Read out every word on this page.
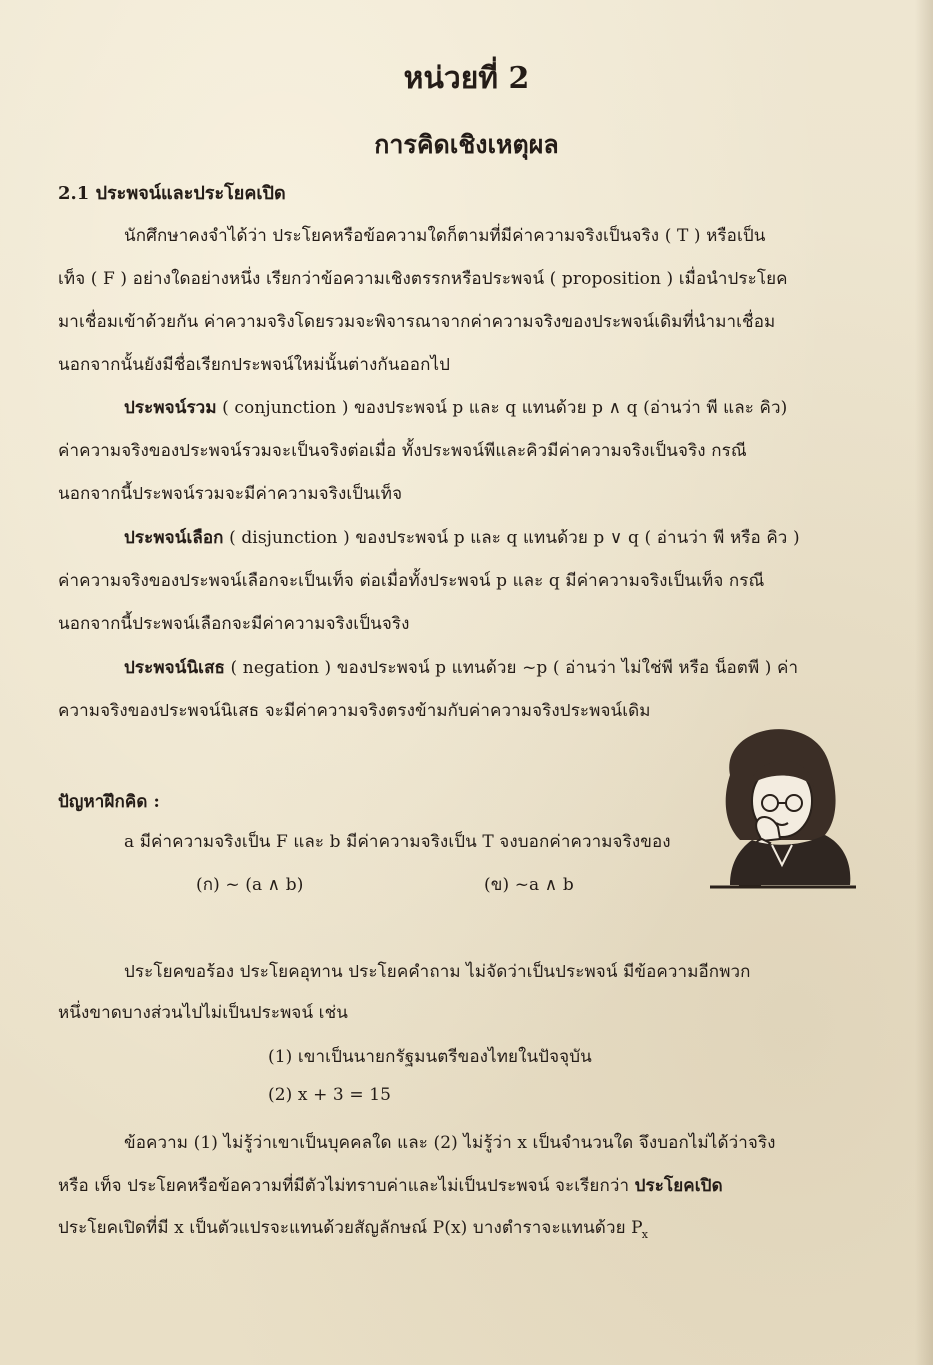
หน่วยที่ 2
การคิดเชิงเหตุผล
2.1 ประพจน์และประโยคเปิด
นักศึกษาคงจำได้ว่า ประโยคหรือข้อความใดก็ตามที่มีค่าความจริงเป็นจริง ( T ) หรือเป็น
เท็จ ( F ) อย่างใดอย่างหนึ่ง เรียกว่าข้อความเชิงตรรกหรือประพจน์ ( proposition ) เมื่อนำประโยค
มาเชื่อมเข้าด้วยกัน ค่าความจริงโดยรวมจะพิจารณาจากค่าความจริงของประพจน์เดิมที่นำมาเชื่อม
นอกจากนั้นยังมีชื่อเรียกประพจน์ใหม่นั้นต่างกันออกไป
ประพจน์รวม ( conjunction ) ของประพจน์ p และ q แทนด้วย p ∧ q (อ่านว่า พี และ คิว)
ค่าความจริงของประพจน์รวมจะเป็นจริงต่อเมื่อ ทั้งประพจน์พีและคิวมีค่าความจริงเป็นจริง กรณี
นอกจากนี้ประพจน์รวมจะมีค่าความจริงเป็นเท็จ
ประพจน์เลือก ( disjunction ) ของประพจน์ p และ q แทนด้วย p ∨ q ( อ่านว่า พี หรือ คิว )
ค่าความจริงของประพจน์เลือกจะเป็นเท็จ ต่อเมื่อทั้งประพจน์ p และ q มีค่าความจริงเป็นเท็จ กรณี
นอกจากนี้ประพจน์เลือกจะมีค่าความจริงเป็นจริง
ประพจน์นิเสธ ( negation ) ของประพจน์ p แทนด้วย ~p ( อ่านว่า ไม่ใช่พี หรือ น็อตพี ) ค่า
ความจริงของประพจน์นิเสธ จะมีค่าความจริงตรงข้ามกับค่าความจริงประพจน์เดิม
ปัญหาฝึกคิด :
a มีค่าความจริงเป็น F และ b มีค่าความจริงเป็น T จงบอกค่าความจริงของ
(ก) ~ (a ∧ b)	(ข) ~a ∧ b
ประโยคขอร้อง ประโยคอุทาน ประโยคคำถาม ไม่จัดว่าเป็นประพจน์ มีข้อความอีกพวก
หนึ่งขาดบางส่วนไปไม่เป็นประพจน์ เช่น
(1) เขาเป็นนายกรัฐมนตรีของไทยในปัจจุบัน
(2) x + 3 = 15
ข้อความ (1) ไม่รู้ว่าเขาเป็นบุคคลใด และ (2) ไม่รู้ว่า x เป็นจำนวนใด จึงบอกไม่ได้ว่าจริง
หรือ เท็จ ประโยคหรือข้อความที่มีตัวไม่ทราบค่าและไม่เป็นประพจน์ จะเรียกว่า ประโยคเปิด
ประโยคเปิดที่มี x เป็นตัวแปรจะแทนด้วยสัญลักษณ์ P(x) บางตำราจะแทนด้วย $P_x$
